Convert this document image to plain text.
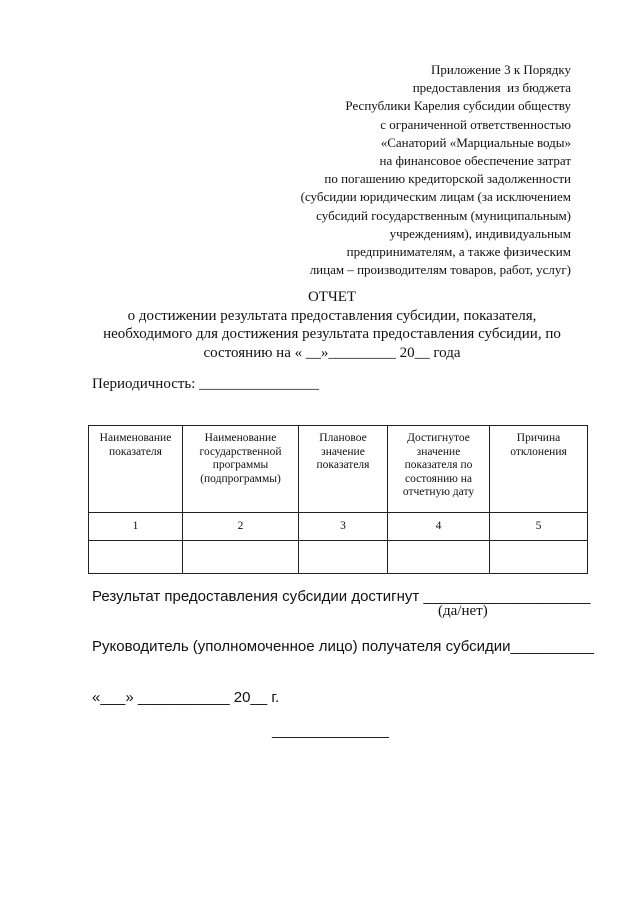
Приложение 3 к Порядку
предоставления  из бюджета
Республики Карелия субсидии обществу
с ограниченной ответственностью
«Санаторий «Марциальные воды»
на финансовое обеспечение затрат
по погашению кредиторской задолженности
(субсидии юридическим лицам (за исключением
субсидий государственным (муниципальным)
учреждениям), индивидуальным
предпринимателям, а также физическим
лицам – производителям товаров, работ, услуг)
ОТЧЕТ
о достижении результата предоставления субсидии, показателя,
необходимого для достижения результата предоставления субсидии, по
состоянию на « __»_________ 20__ года
Периодичность: ________________
Наименование показателя	Наименование государственной программы (подпрограммы)	Плановое значение показателя	Достигнутое значение показателя по состоянию на отчетную дату	Причина отклонения
1	2	3	4	5

Результат предоставления субсидии достигнут ____________________
(да/нет)
Руководитель (уполномоченное лицо) получателя субсидии__________
«___» ___________ 20__ г.
______________
